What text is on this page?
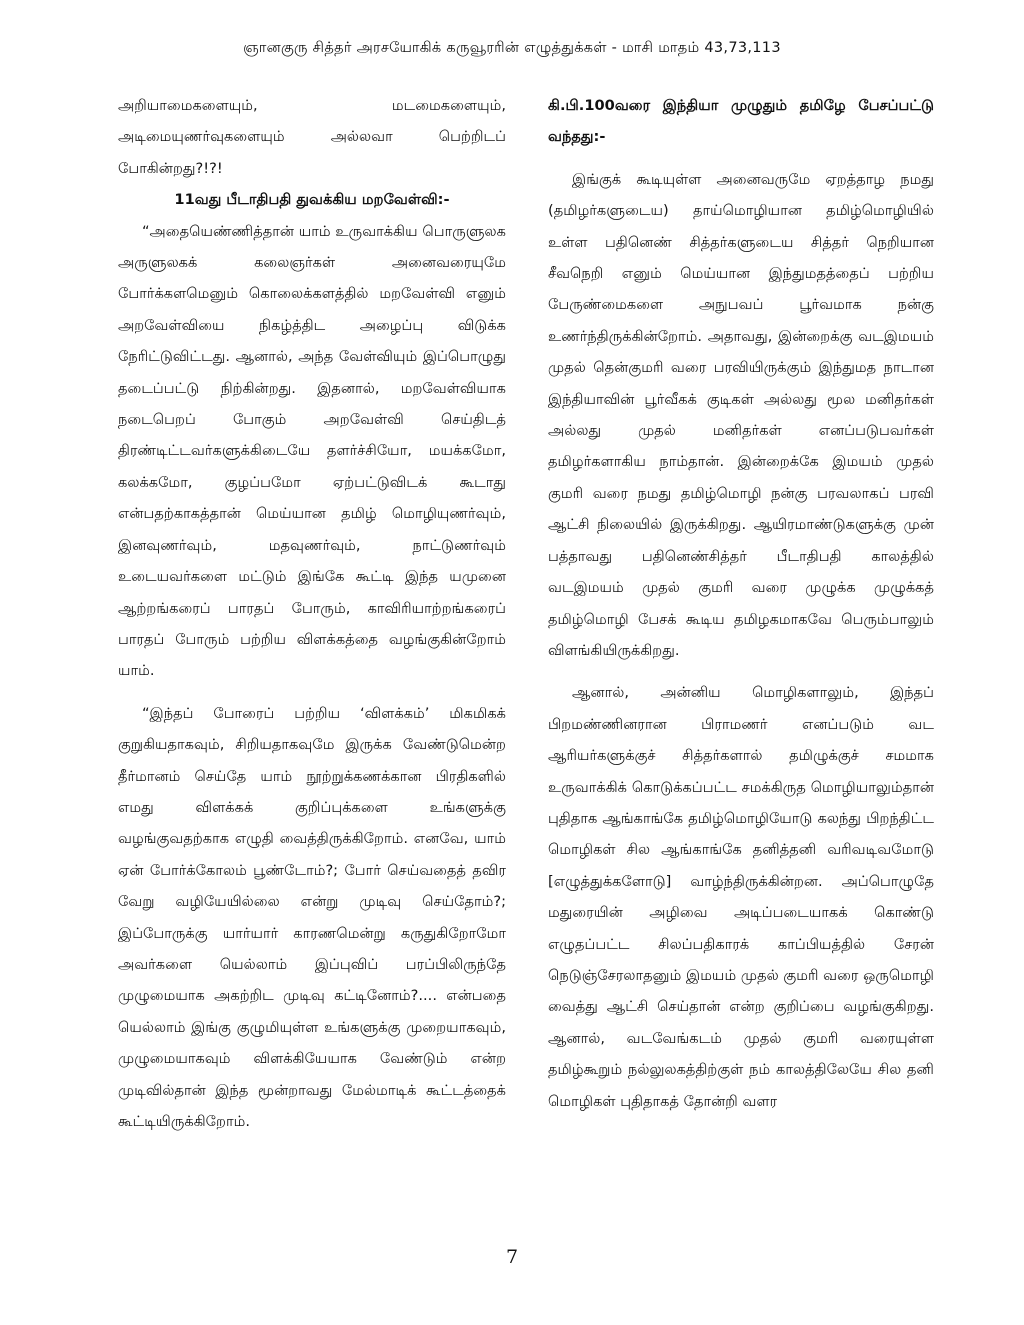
ஞானகுரு சித்தர் அரசயோகிக் கருவூரரின் எழுத்துக்கள் - மாசி மாதம் 43,73,113

அறியாமைகளையும், மடமைகளையும், அடிமையுணர்வுகளையும் அல்லவா பெற்றிடப் போகின்றது?!?!

11வது பீடாதிபதி துவக்கிய மறவேள்வி:-

“அதையெண்ணித்தான் யாம் உருவாக்கிய பொருளுலக அருளுலகக் கலைஞர்கள் அனைவரையுமே போர்க்களமெனும் கொலைக்களத்தில் மறவேள்வி எனும் அறவேள்வியை நிகழ்த்திட அழைப்பு விடுக்க நேரிட்டுவிட்டது. ஆனால், அந்த வேள்வியும் இப்பொழுது தடைப்பட்டு நிற்கின்றது. இதனால், மறவேள்வியாக நடைபெறப் போகும் அறவேள்வி செய்திடத் திரண்டிட்டவர்களுக்கிடையே தளர்ச்சியோ, மயக்கமோ, கலக்கமோ, குழப்பமோ ஏற்பட்டுவிடக் கூடாது என்பதற்காகத்தான் மெய்யான தமிழ் மொழியுணர்வும், இனவுணர்வும், மதவுணர்வும், நாட்டுணர்வும் உடையவர்களை மட்டும் இங்கே கூட்டி இந்த யமுனை ஆற்றங்கரைப் பாரதப் போரும், காவிரியாற்றங்கரைப் பாரதப் போரும் பற்றிய விளக்கத்தை வழங்குகின்றோம் யாம்.

“இந்தப் போரைப் பற்றிய ‘விளக்கம்’ மிகமிகக் குறுகியதாகவும், சிறியதாகவுமே இருக்க வேண்டுமென்ற தீர்மானம் செய்தே யாம் நூற்றுக்கணக்கான பிரதிகளில் எமது விளக்கக் குறிப்புக்களை உங்களுக்கு வழங்குவதற்காக எழுதி வைத்திருக்கிறோம். எனவே, யாம் ஏன் போர்க்கோலம் பூண்டோம்?; போர் செய்வதைத் தவிர வேறு வழியேயில்லை என்று முடிவு செய்தோம்?; இப்போருக்கு யார்யார் காரணமென்று கருதுகிறோமோ அவர்களை யெல்லாம் இப்புவிப் பரப்பிலிருந்தே முழுமையாக அகற்றிட முடிவு கட்டினோம்?.... என்பதை யெல்லாம் இங்கு குழுமியுள்ள உங்களுக்கு முறையாகவும், முழுமையாகவும் விளக்கியேயாக வேண்டும் என்ற முடிவில்தான் இந்த மூன்றாவது மேல்மாடிக் கூட்டத்தைக் கூட்டியிருக்கிறோம்.

கி.பி.100வரை இந்தியா முழுதும் தமிழே பேசப்பட்டு வந்தது:-

இங்குக் கூடியுள்ள அனைவருமே ஏறத்தாழ நமது (தமிழர்களுடைய) தாய்மொழியான தமிழ்மொழியில் உள்ள பதினெண் சித்தர்களுடைய சித்தர் நெறியான சீவநெறி எனும் மெய்யான இந்துமதத்தைப் பற்றிய பேருண்மைகளை அநுபவப் பூர்வமாக நன்கு உணர்ந்திருக்கின்றோம். அதாவது, இன்றைக்கு வடஇமயம் முதல் தென்குமரி வரை பரவியிருக்கும் இந்துமத நாடான இந்தியாவின் பூர்வீகக் குடிகள் அல்லது மூல மனிதர்கள் அல்லது முதல் மனிதர்கள் எனப்படுபவர்கள் தமிழர்களாகிய நாம்தான். இன்றைக்கே இமயம் முதல் குமரி வரை நமது தமிழ்மொழி நன்கு பரவலாகப் பரவி ஆட்சி நிலையில் இருக்கிறது. ஆயிரமாண்டுகளுக்கு முன் பத்தாவது பதினெண்சித்தர் பீடாதிபதி காலத்தில் வடஇமயம் முதல் குமரி வரை முழுக்க முழுக்கத் தமிழ்மொழி பேசக் கூடிய தமிழகமாகவே பெரும்பாலும் விளங்கியிருக்கிறது.

ஆனால், அன்னிய மொழிகளாலும், இந்தப் பிறமண்ணினரான பிராமணர் எனப்படும் வட ஆரியர்களுக்குச் சித்தர்களால் தமிழுக்குச் சமமாக உருவாக்கிக் கொடுக்கப்பட்ட சமக்கிருத மொழியாலும்தான் புதிதாக ஆங்காங்கே தமிழ்மொழியோடு கலந்து பிறந்திட்ட மொழிகள் சில ஆங்காங்கே தனித்தனி வரிவடிவமோடு [எழுத்துக்களோடு] வாழ்ந்திருக்கின்றன. அப்பொழுதே மதுரையின் அழிவை அடிப்படையாகக் கொண்டு எழுதப்பட்ட சிலப்பதிகாரக் காப்பியத்தில் சேரன் நெடுஞ்சேரலாதனும் இமயம் முதல் குமரி வரை ஒருமொழி வைத்து ஆட்சி செய்தான் என்ற குறிப்பை வழங்குகிறது. ஆனால், வடவேங்கடம் முதல் குமரி வரையுள்ள தமிழ்கூறும் நல்லுலகத்திற்குள் நம் காலத்திலேயே சில தனி மொழிகள் புதிதாகத் தோன்றி வளர

7
